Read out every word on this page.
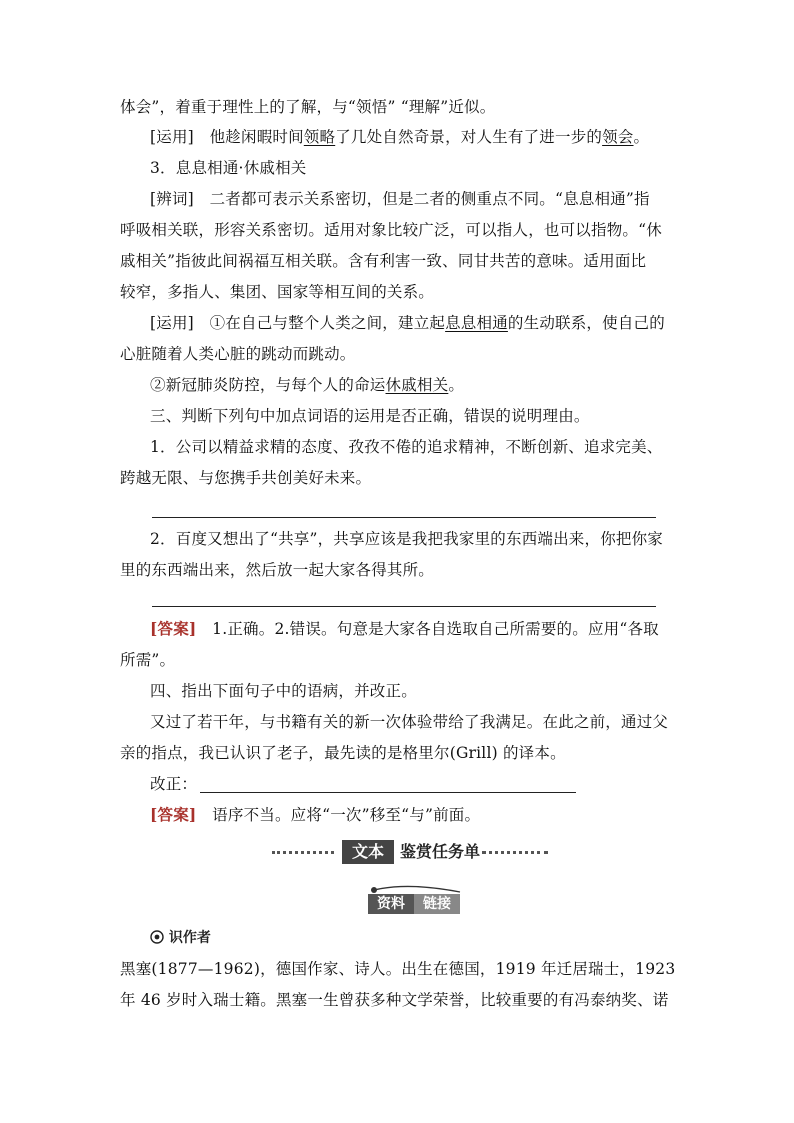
体会”，着重于理性上的了解，与“领悟” “理解”近似。
[运用]　他趁闲暇时间领略了几处自然奇景，对人生有了进一步的领会。
3．息息相通·休戚相关
[辨词]　二者都可表示关系密切，但是二者的侧重点不同。“息息相通”指
呼吸相关联，形容关系密切。适用对象比较广泛，可以指人，也可以指物。“休
戚相关”指彼此间祸福互相关联。含有利害一致、同甘共苦的意味。适用面比
较窄，多指人、集团、国家等相互间的关系。
[运用]　①在自己与整个人类之间，建立起息息相通的生动联系，使自己的
心脏随着人类心脏的跳动而跳动。
②新冠肺炎防控，与每个人的命运休戚相关。
三、判断下列句中加点词语的运用是否正确，错误的说明理由。
1．公司以精益求精的态度、孜孜不倦的追求精神，不断创新、追求完美、
跨越无限、与您携手共创美好未来。
2．百度又想出了“共享”，共享应该是我把我家里的东西端出来，你把你家
里的东西端出来，然后放一起大家各得其所。
[答案]　1.正确。2.错误。句意是大家各自选取自己所需要的。应用“各取
所需”。
四、指出下面句子中的语病，并改正。
又过了若干年，与书籍有关的新一次体验带给了我满足。在此之前，通过父
亲的指点，我已认识了老子，最先读的是格里尔(Grill) 的译本。
改正：
[答案]　语序不当。应将“一次”移至“与”前面。
文本	鉴赏任务单
资料	链接
识作者
黑塞(1877—1962)，德国作家、诗人。出生在德国，1919 年迁居瑞士，1923
年 46 岁时入瑞士籍。黑塞一生曾获多种文学荣誉，比较重要的有冯泰纳奖、诺
